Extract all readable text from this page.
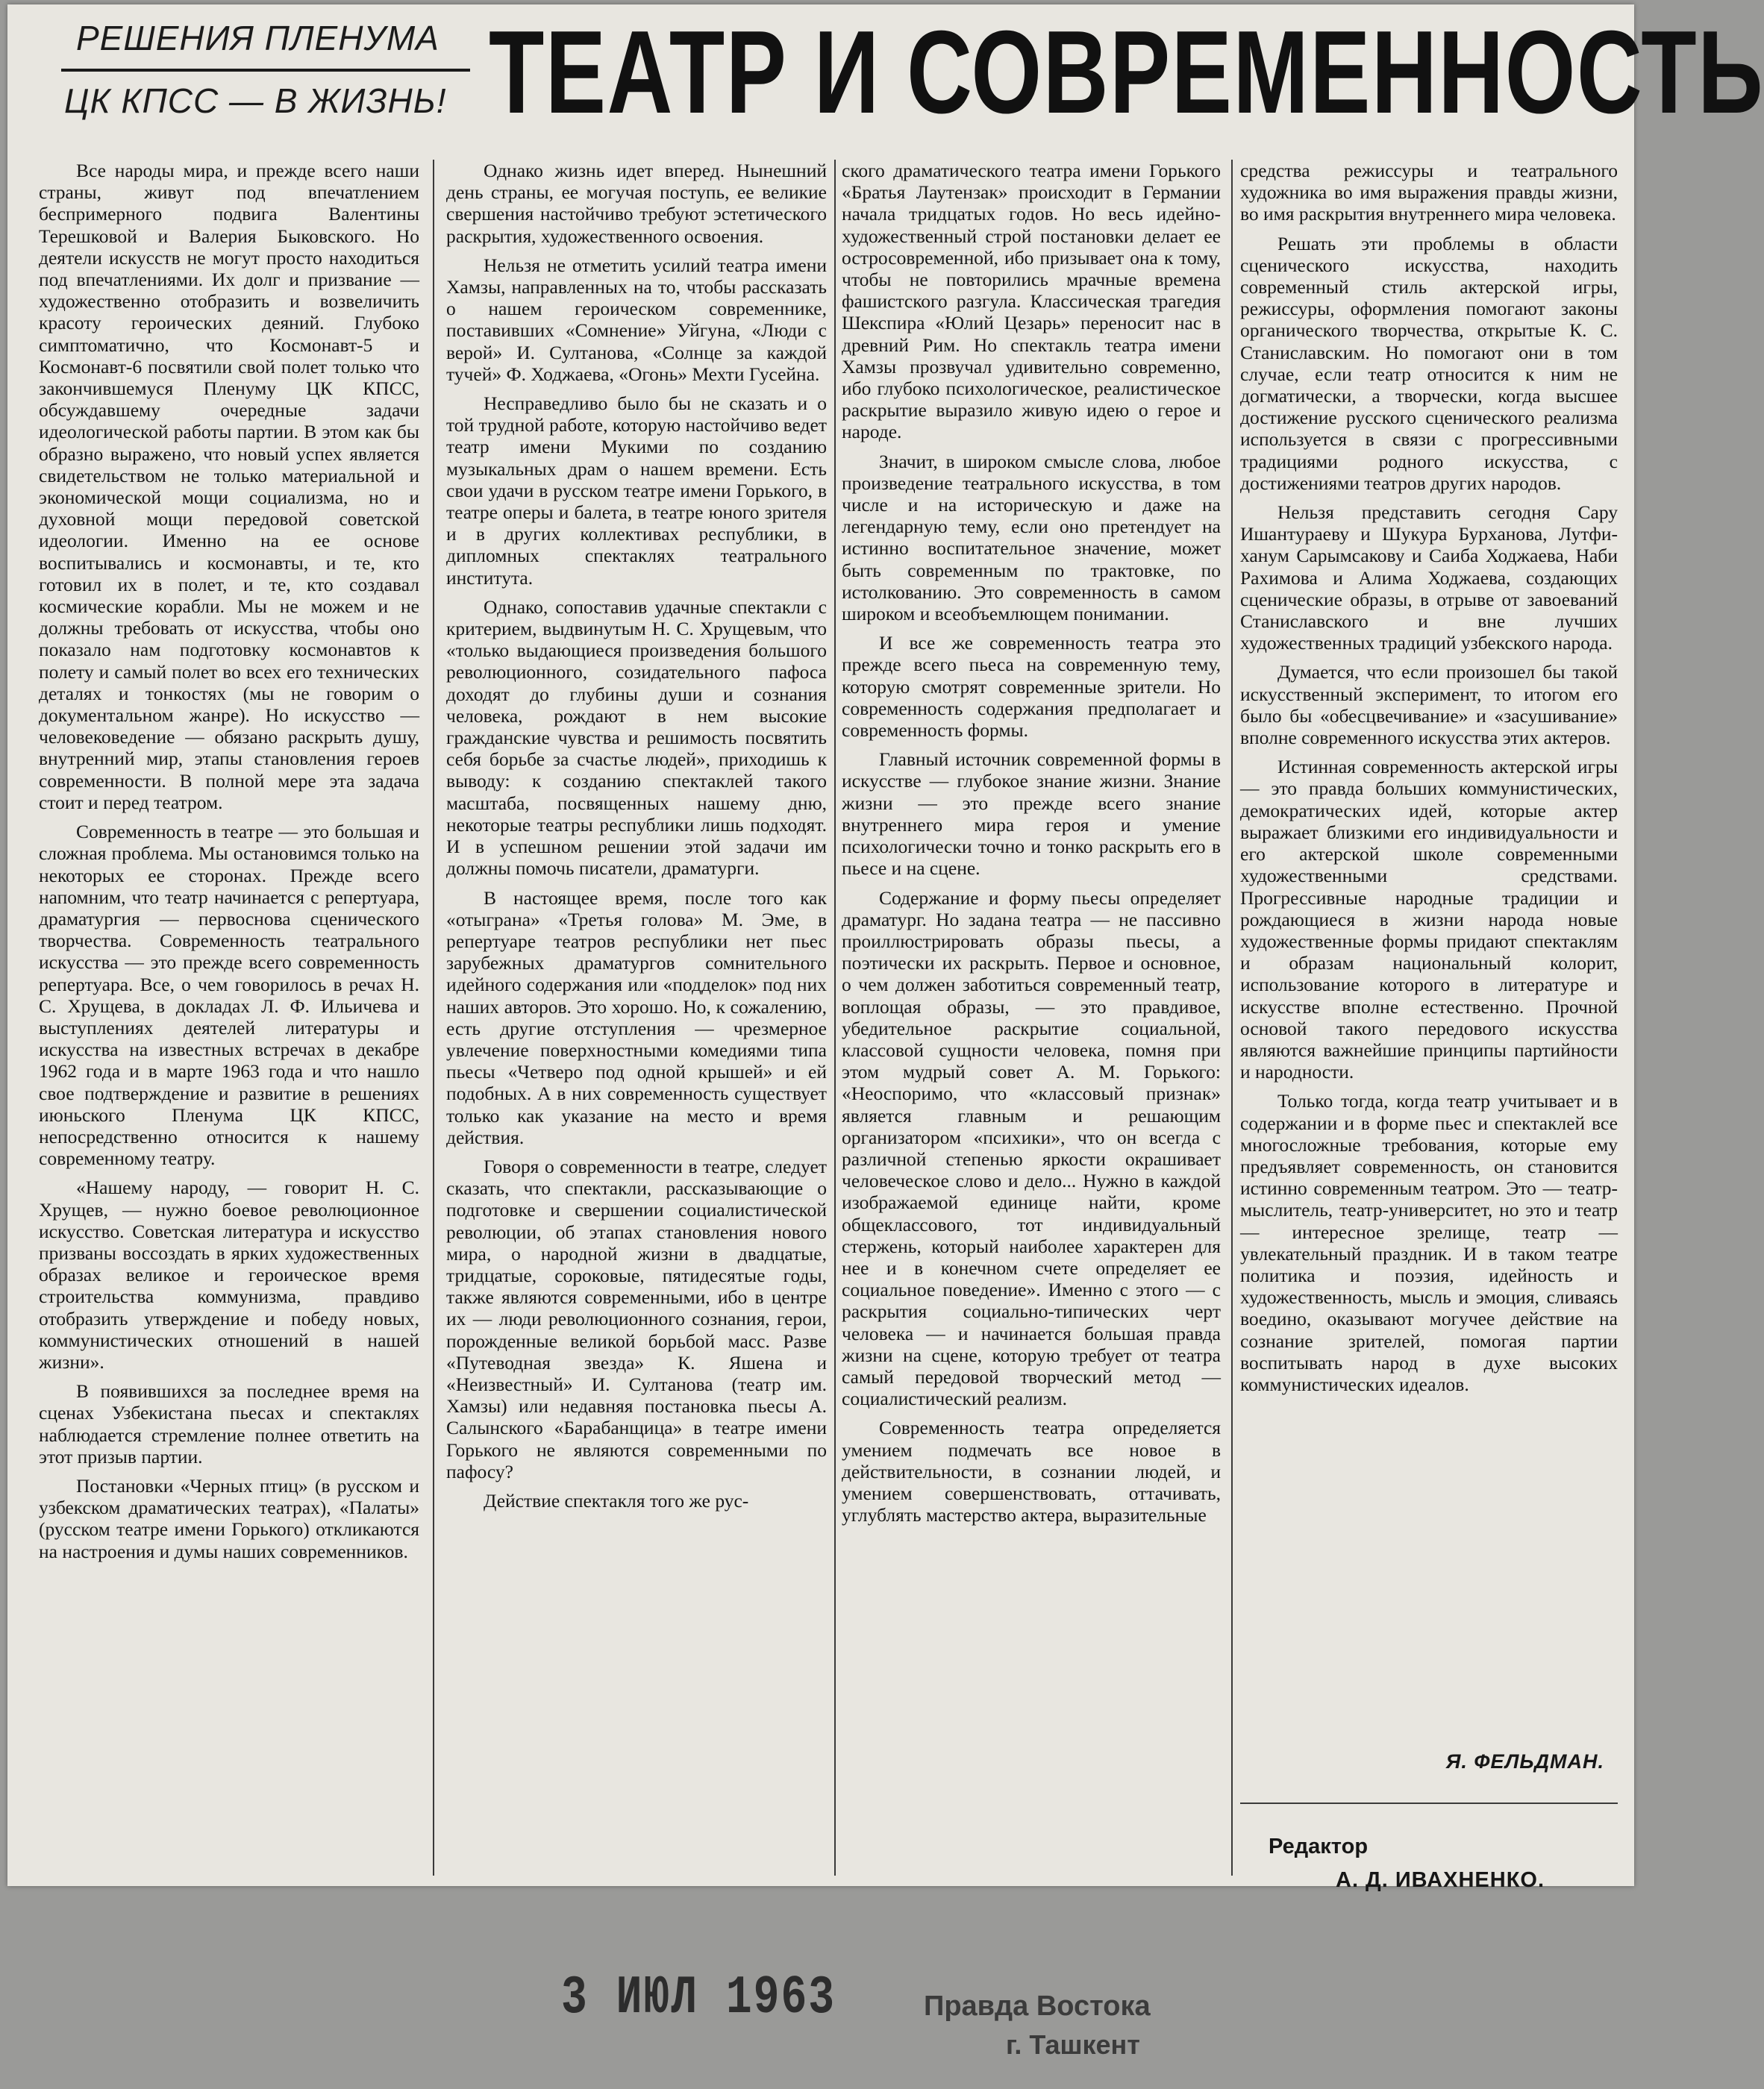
РЕШЕНИЯ ПЛЕНУМА
ЦК КПСС — В ЖИЗНЬ! ТЕАТР И СОВРЕМЕННОСТЬ

Все народы мира, и прежде всего наши страны, живут под впечатлением беспримерного подвига Валентины Терешковой и Валерия Быковского. Но деятели искусств не могут просто находиться под впечатлениями. Их долг и призвание — художественно отобразить и возвеличить красоту героических деяний. Глубоко симптоматично, что Космонавт-5 и Космонавт-6 посвятили свой полет только что закончившемуся Пленуму ЦК КПСС, обсуждавшему очередные задачи идеологической работы партии. В этом как бы образно выражено, что новый успех является свидетельством не только материальной и экономической мощи социализма, но и духовной мощи передовой советской идеологии. Именно на ее основе воспитывались и космонавты, и те, кто готовил их в полет, и те, кто создавал космические корабли. Мы не можем и не должны требовать от искусства, чтобы оно показало нам подготовку космонавтов к полету и самый полет во всех его технических деталях и тонкостях (мы не говорим о документальном жанре). Но искусство — человековедение — обязано раскрыть душу, внутренний мир, этапы становления героев современности. В полной мере эта задача стоит и перед театром.

Современность в театре — это большая и сложная проблема. Мы остановимся только на некоторых ее сторонах. Прежде всего напомним, что театр начинается с репертуара, драматургия — первоснова сценического творчества. Современность театрального искусства — это прежде всего современность репертуара. Все, о чем говорилось в речах Н. С. Хрущева, в докладах Л. Ф. Ильичева и выступлениях деятелей литературы и искусства на известных встречах в декабре 1962 года и в марте 1963 года и что нашло свое подтверждение и развитие в решениях июньского Пленума ЦК КПСС, непосредственно относится к нашему современному театру.

«Нашему народу, — говорит Н. С. Хрущев, — нужно боевое революционное искусство. Советская литература и искусство призваны воссоздать в ярких художественных образах великое и героическое время строительства коммунизма, правдиво отобразить утверждение и победу новых, коммунистических отношений в нашей жизни».

В появившихся за последнее время на сценах Узбекистана пьесах и спектаклях наблюдается стремление полнее ответить на этот призыв партии.

Постановки «Черных птиц» (в русском и узбекском драматических театрах), «Палаты» (русском театре имени Горького) откликаются на настроения и думы наших современников.

Однако жизнь идет вперед. Нынешний день страны, ее могучая поступь, ее великие свершения настойчиво требуют эстетического раскрытия, художественного освоения.

Нельзя не отметить усилий театра имени Хамзы, направленных на то, чтобы рассказать о нашем героическом современнике, поставивших «Сомнение» Уйгуна, «Люди с верой» И. Султанова, «Солнце за каждой тучей» Ф. Ходжаева, «Огонь» Мехти Гусейна.

Несправедливо было бы не сказать и о той трудной работе, которую настойчиво ведет театр имени Мукими по созданию музыкальных драм о нашем времени. Есть свои удачи в русском театре имени Горького, в театре оперы и балета, в театре юного зрителя и в других коллективах республики, в дипломных спектаклях театрального института.

Однако, сопоставив удачные спектакли с критерием, выдвинутым Н. С. Хрущевым, что «только выдающиеся произведения большого революционного, созидательного пафоса доходят до глубины души и сознания человека, рождают в нем высокие гражданские чувства и решимость посвятить себя борьбе за счастье людей», приходишь к выводу: к созданию спектаклей такого масштаба, посвященных нашему дню, некоторые театры республики лишь подходят. И в успешном решении этой задачи им должны помочь писатели, драматурги.

В настоящее время, после того как «отыграна» «Третья голова» М. Эме, в репертуаре театров республики нет пьес зарубежных драматургов сомнительного идейного содержания или «подделок» под них наших авторов. Это хорошо. Но, к сожалению, есть другие отступления — чрезмерное увлечение поверхностными комедиями типа пьесы «Четверо под одной крышей» и ей подобных. А в них современность существует только как указание на место и время действия.

Говоря о современности в театре, следует сказать, что спектакли, рассказывающие о подготовке и свершении социалистической революции, об этапах становления нового мира, о народной жизни в двадцатые, тридцатые, сороковые, пятидесятые годы, также являются современными, ибо в центре их — люди революционного сознания, герои, порожденные великой борьбой масс. Разве «Путеводная звезда» К. Яшена и «Неизвестный» И. Султанова (театр им. Хамзы) или недавняя постановка пьесы А. Салынского «Барабанщица» в театре имени Горького не являются современными по пафосу?

Действие спектакля того же рус-

ского драматического театра имени Горького «Братья Лаутензак» происходит в Германии начала тридцатых годов. Но весь идейно-художественный строй постановки делает ее остросовременной, ибо призывает она к тому, чтобы не повторились мрачные времена фашистского разгула. Классическая трагедия Шекспира «Юлий Цезарь» переносит нас в древний Рим. Но спектакль театра имени Хамзы прозвучал удивительно современно, ибо глубоко психологическое, реалистическое раскрытие выразило живую идею о герое и народе.

Значит, в широком смысле слова, любое произведение театрального искусства, в том числе и на историческую и даже на легендарную тему, если оно претендует на истинно воспитательное значение, может быть современным по трактовке, по истолкованию. Это современность в самом широком и всеобъемлющем понимании.

И все же современность театра это прежде всего пьеса на современную тему, которую смотрят современные зрители. Но современность содержания предполагает и современность формы.

Главный источник современной формы в искусстве — глубокое знание жизни. Знание жизни — это прежде всего знание внутреннего мира героя и умение психологически точно и тонко раскрыть его в пьесе и на сцене.

Содержание и форму пьесы определяет драматург. Но задана театра — не пассивно проиллюстрировать образы пьесы, а поэтически их раскрыть. Первое и основное, о чем должен заботиться современный театр, воплощая образы, — это правдивое, убедительное раскрытие социальной, классовой сущности человека, помня при этом мудрый совет А. М. Горького: «Неоспоримо, что «классовый признак» является главным и решающим организатором «психики», что он всегда с различной степенью яркости окрашивает человеческое слово и дело... Нужно в каждой изображаемой единице найти, кроме общеклассового, тот индивидуальный стержень, который наиболее характерен для нее и в конечном счете определяет ее социальное поведение». Именно с этого — с раскрытия социально-типических черт человека — и начинается большая правда жизни на сцене, которую требует от театра самый передовой творческий метод — социалистический реализм.

Современность театра определяется умением подмечать все новое в действительности, в сознании людей, и умением совершенствовать, оттачивать, углублять мастерство актера, выразительные

средства режиссуры и театрального художника во имя выражения правды жизни, во имя раскрытия внутреннего мира человека.

Решать эти проблемы в области сценического искусства, находить современный стиль актерской игры, режиссуры, оформления помогают законы органического творчества, открытые К. С. Станиславским. Но помогают они в том случае, если театр относится к ним не догматически, а творчески, когда высшее достижение русского сценического реализма используется в связи с прогрессивными традициями родного искусства, с достижениями театров других народов.

Нельзя представить сегодня Сару Ишантураеву и Шукура Бурханова, Лутфи-ханум Сарымсакову и Саиба Ходжаева, Наби Рахимова и Алима Ходжаева, создающих сценические образы, в отрыве от завоеваний Станиславского и вне лучших художественных традиций узбекского народа.

Думается, что если произошел бы такой искусственный эксперимент, то итогом его было бы «обесцвечивание» и «засушивание» вполне современного искусства этих актеров.

Истинная современность актерской игры — это правда больших коммунистических, демократических идей, которые актер выражает близкими его индивидуальности и его актерской школе современными художественными средствами. Прогрессивные народные традиции и рождающиеся в жизни народа новые художественные формы придают спектаклям и образам национальный колорит, использование которого в литературе и искусстве вполне естественно. Прочной основой такого передового искусства являются важнейшие принципы партийности и народности.

Только тогда, когда театр учитывает и в содержании и в форме пьес и спектаклей все многосложные требования, которые ему предъявляет современность, он становится истинно современным театром. Это — театр-мыслитель, театр-университет, но это и театр — интересное зрелище, театр — увлекательный праздник. И в таком театре политика и поэзия, идейность и художественность, мысль и эмоция, сливаясь воедино, оказывают могучее действие на сознание зрителей, помогая партии воспитывать народ в духе высоких коммунистических идеалов.

Я. ФЕЛЬДМАН.
Редактор
А. Д. ИВАХНЕНКО.
3 ИЮЛ 1963	Правда Востока
г. Ташкент
